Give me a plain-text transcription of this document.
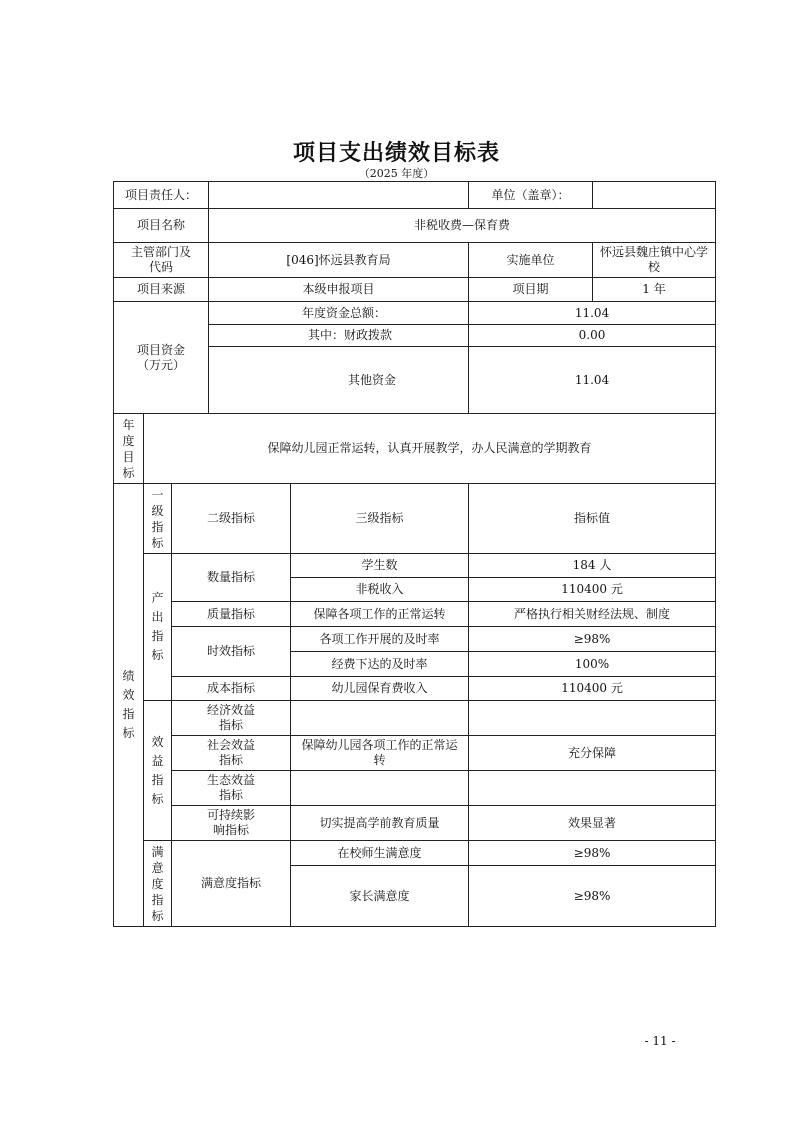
项目支出绩效目标表
（2025 年度）
项目责任人：					单位（盖章）：	
项目名称			非税收费—保育费			
主管部门及代码			[046]怀远县教育局		实施单位	怀远县魏庄镇中心学校
项目来源			本级申报项目		项目期	1 年
项目资金（万元）			年度资金总额：		11.04	
			其中：财政拨款		0.00	
			其他资金		11.04	
年度目标	保障幼儿园正常运转，认真开展教学，办人民满意的学期教育					
绩效指标	一级指标	二级指标		三级指标	指标值	
	产出指标	数量指标		学生数	184 人	
				非税收入	110400 元	
		质量指标		保障各项工作的正常运转	严格执行相关财经法规、制度	
		时效指标		各项工作开展的及时率	≥98%	
				经费下达的及时率	100%	
		成本指标		幼儿园保育费收入	110400 元	
	效益指标	经济效益指标				
		社会效益指标		保障幼儿园各项工作的正常运转	充分保障	
		生态效益指标				
		可持续影响指标		切实提高学前教育质量	效果显著	
	满意度指标	满意度指标		在校师生满意度	≥98%	
				家长满意度	≥98%	
- 11 -
